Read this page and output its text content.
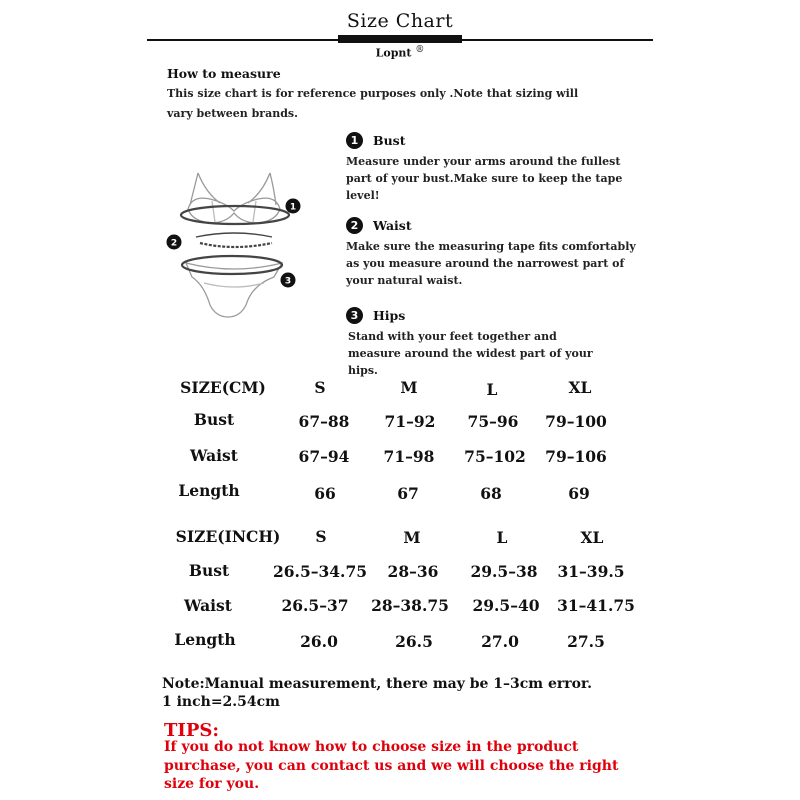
Size Chart
Lopnt ®
How to measure
This size chart is for reference purposes only .Note that sizing will vary between brands.
1
2
3
1	Bust
Measure under your arms around the fullest part of your bust.Make sure to keep the tape level!
2	Waist
Make sure the measuring tape fits comfortably as you measure around the narrowest part of your natural waist.
3	Hips
Stand with your feet together and measure around the widest part of your hips.
SIZE(CM)	S	M	L	XL
Bust	67–88 71–92 75–96 79–100
Waist	67–94 71–98 75–102 79–106
Length	66	67	68	69
SIZE(INCH) S	M	L	XL
Bust	26.5–34.75 28–36 29.5–38 31–39.5
Waist	26.5–37 28–38.75 29.5–40 31–41.75
Length	26.0	26.5	27.0	27.5
Note:Manual measurement, there may be 1–3cm error.
1 inch=2.54cm
TIPS:
If you do not know how to choose size in the product purchase, you can contact us and we will choose the right size for you.
